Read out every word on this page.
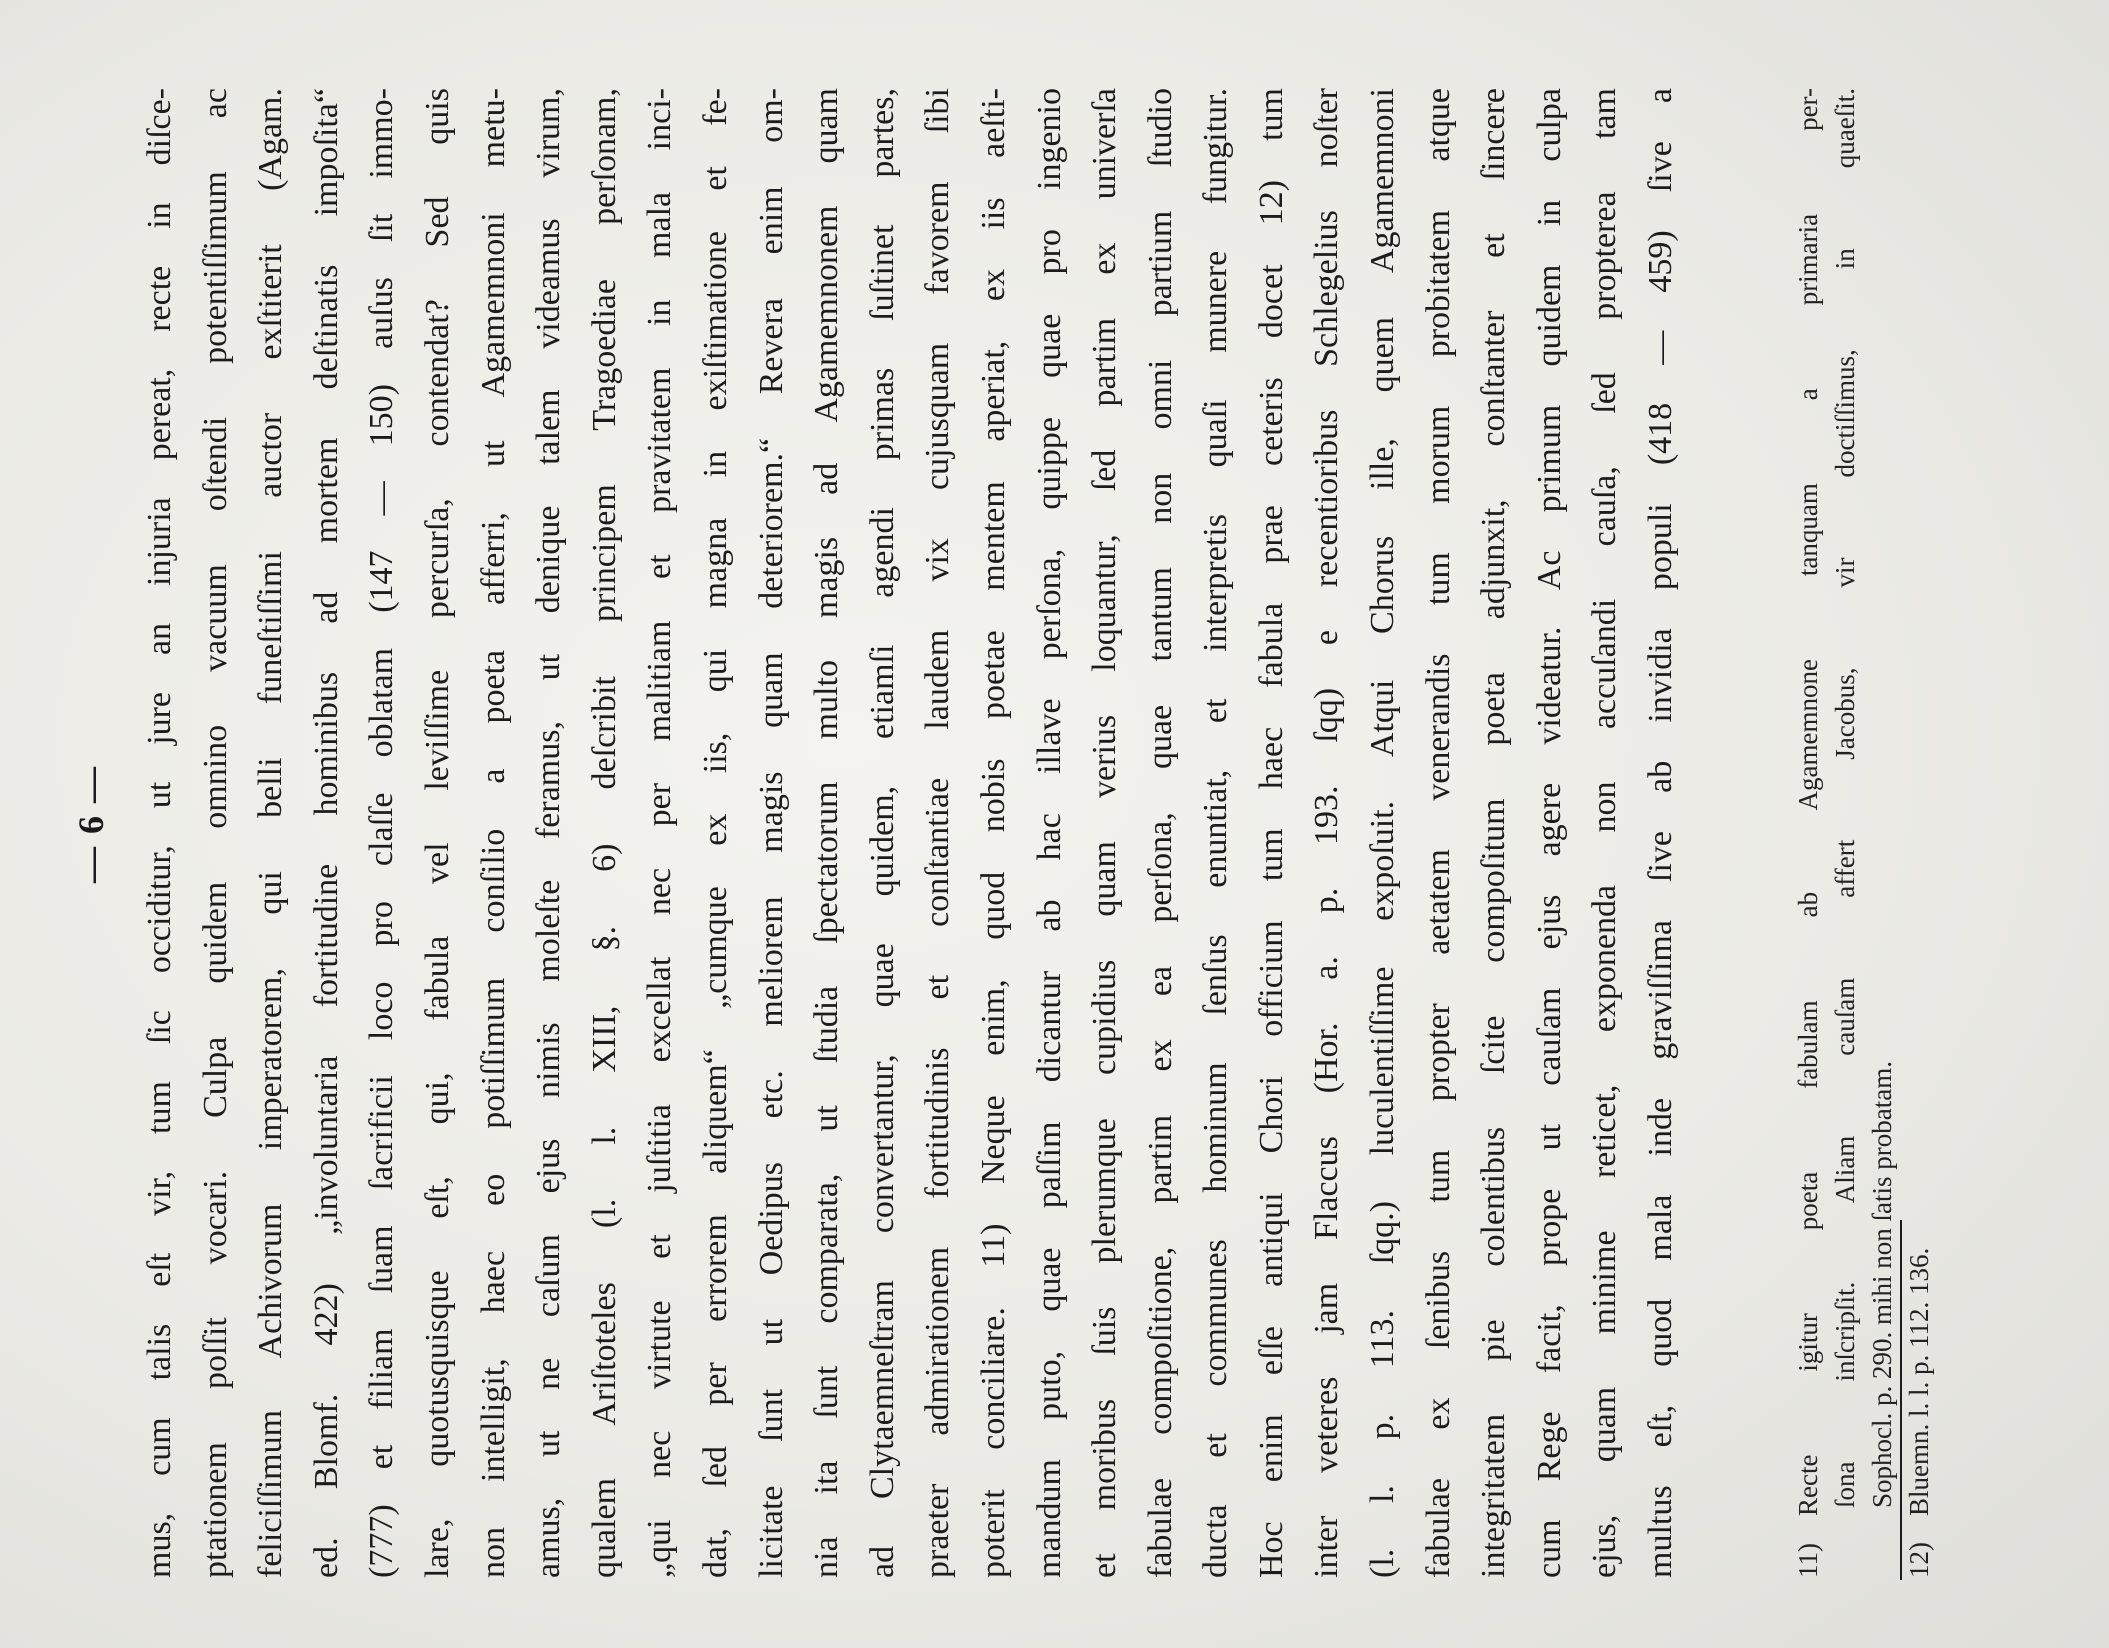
— 6 — mus, cum talis eſt vir, tum ſic occiditur, ut jure an injuria pereat, recte in diſce- ptationem poſſit vocari. Culpa quidem omnino vacuum oſtendi potentiſſimum ac feliciſſimum Achivorum imperatorem, qui belli funeſtiſſimi auctor exſtiterit (Agam. ed. Blomf. 422) „involuntaria fortitudine hominibus ad mortem deſtinatis impoſita“ (777) et filiam ſuam ſacrificii loco pro claſſe oblatam (147 — 150) auſus ſit immo- lare, quotusquisque eſt, qui, fabula vel leviſſime percurſa, contendat? Sed quis non intelligit, haec eo potiſſimum conſilio a poeta afferri, ut Agamemnoni metu- amus, ut ne caſum ejus nimis moleſte feramus, ut denique talem videamus virum, qualem Ariſtoteles (l. l. XIII, §. 6) deſcribit principem Tragoediae perſonam, „qui nec virtute et juſtitia excellat nec per malitiam et pravitatem in mala inci- dat, ſed per errorem aliquem“ „cumque ex iis, qui magna in exiſtimatione et fe- licitate ſunt ut Oedipus etc. meliorem magis quam deteriorem.“ Revera enim om- nia ita ſunt comparata, ut ſtudia ſpectatorum multo magis ad Agamemnonem quam ad Clytaemneſtram convertantur, quae quidem, etiamſi agendi primas ſuſtinet partes, praeter admirationem fortitudinis et conſtantiae laudem vix cujusquam favorem ſibi poterit conciliare. 11) Neque enim, quod nobis poetae mentem aperiat, ex iis aeſti- mandum puto, quae paſſim dicantur ab hac illave perſona, quippe quae pro ingenio et moribus ſuis plerumque cupidius quam verius loquantur, ſed partim ex univerſa fabulae compoſitione, partim ex ea perſona, quae tantum non omni partium ſtudio ducta et communes hominum ſenſus enuntiat, et interpretis quaſi munere fungitur. Hoc enim eſſe antiqui Chori officium tum haec fabula prae ceteris docet 12) tum inter veteres jam Flaccus (Hor. a. p. 193. ſqq) e recentioribus Schlegelius noſter (l. l. p. 113. ſqq.) luculentiſſime expoſuit. Atqui Chorus ille, quem Agamemnoni fabulae ex ſenibus tum propter aetatem venerandis tum morum probitatem atque integritatem pie colentibus ſcite compoſitum poeta adjunxit, conſtanter et ſincere cum Rege facit, prope ut cauſam ejus agere videatur. Ac primum quidem in culpa ejus, quam minime reticet, exponenda non accuſandi cauſa, ſed propterea tam multus eſt, quod mala inde graviſſima ſive ab invidia populi (418 — 459) ſive a	11)Recte igitur poeta fabulam ab Agamemnone tanquam a primaria per- ſona inſcripſit. Aliam cauſam affert Jacobus, vir doctiſſimus, in quaeſit. Sophocl. p. 290. mihi non ſatis probatam.
12)Bluemn. l. l. p. 112. 136.
